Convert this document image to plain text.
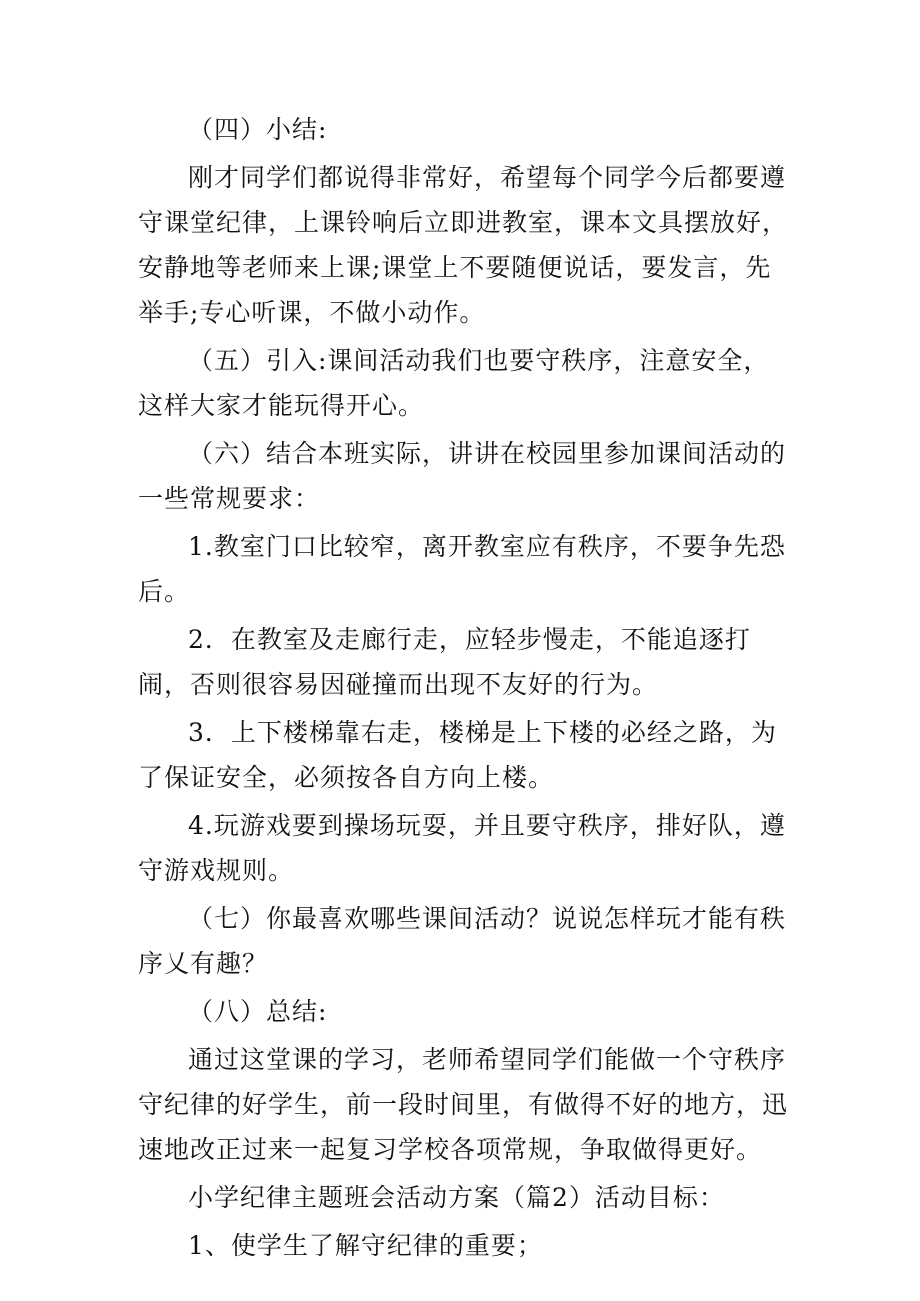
（四）小结:

刚才同学们都说得非常好，希望每个同学今后都要遵守课堂纪律，上课铃响后立即进教室，课本文具摆放好，安静地等老师来上课;课堂上不要随便说话，要发言，先举手;专心听课，不做小动作。

（五）引入:课间活动我们也要守秩序，注意安全，这样大家才能玩得开心。

（六）结合本班实际，讲讲在校园里参加课间活动的一些常规要求：

1.教室门口比较窄，离开教室应有秩序，不要争先恐后。

2．在教室及走廊行走，应轻步慢走，不能追逐打闹，否则很容易因碰撞而出现不友好的行为。

3．上下楼梯靠右走，楼梯是上下楼的必经之路，为了保证安全，必须按各自方向上楼。

4.玩游戏要到操场玩耍，并且要守秩序，排好队，遵守游戏规则。

（七）你最喜欢哪些课间活动？说说怎样玩才能有秩序乂有趣？

（八）总结:

通过这堂课的学习，老师希望同学们能做一个守秩序守纪律的好学生，前一段时间里，有做得不好的地方，迅速地改正过来一起复习学校各项常规，争取做得更好。

小学纪律主题班会活动方案（篇2）活动目标：

1、使学生了解守纪律的重要；
